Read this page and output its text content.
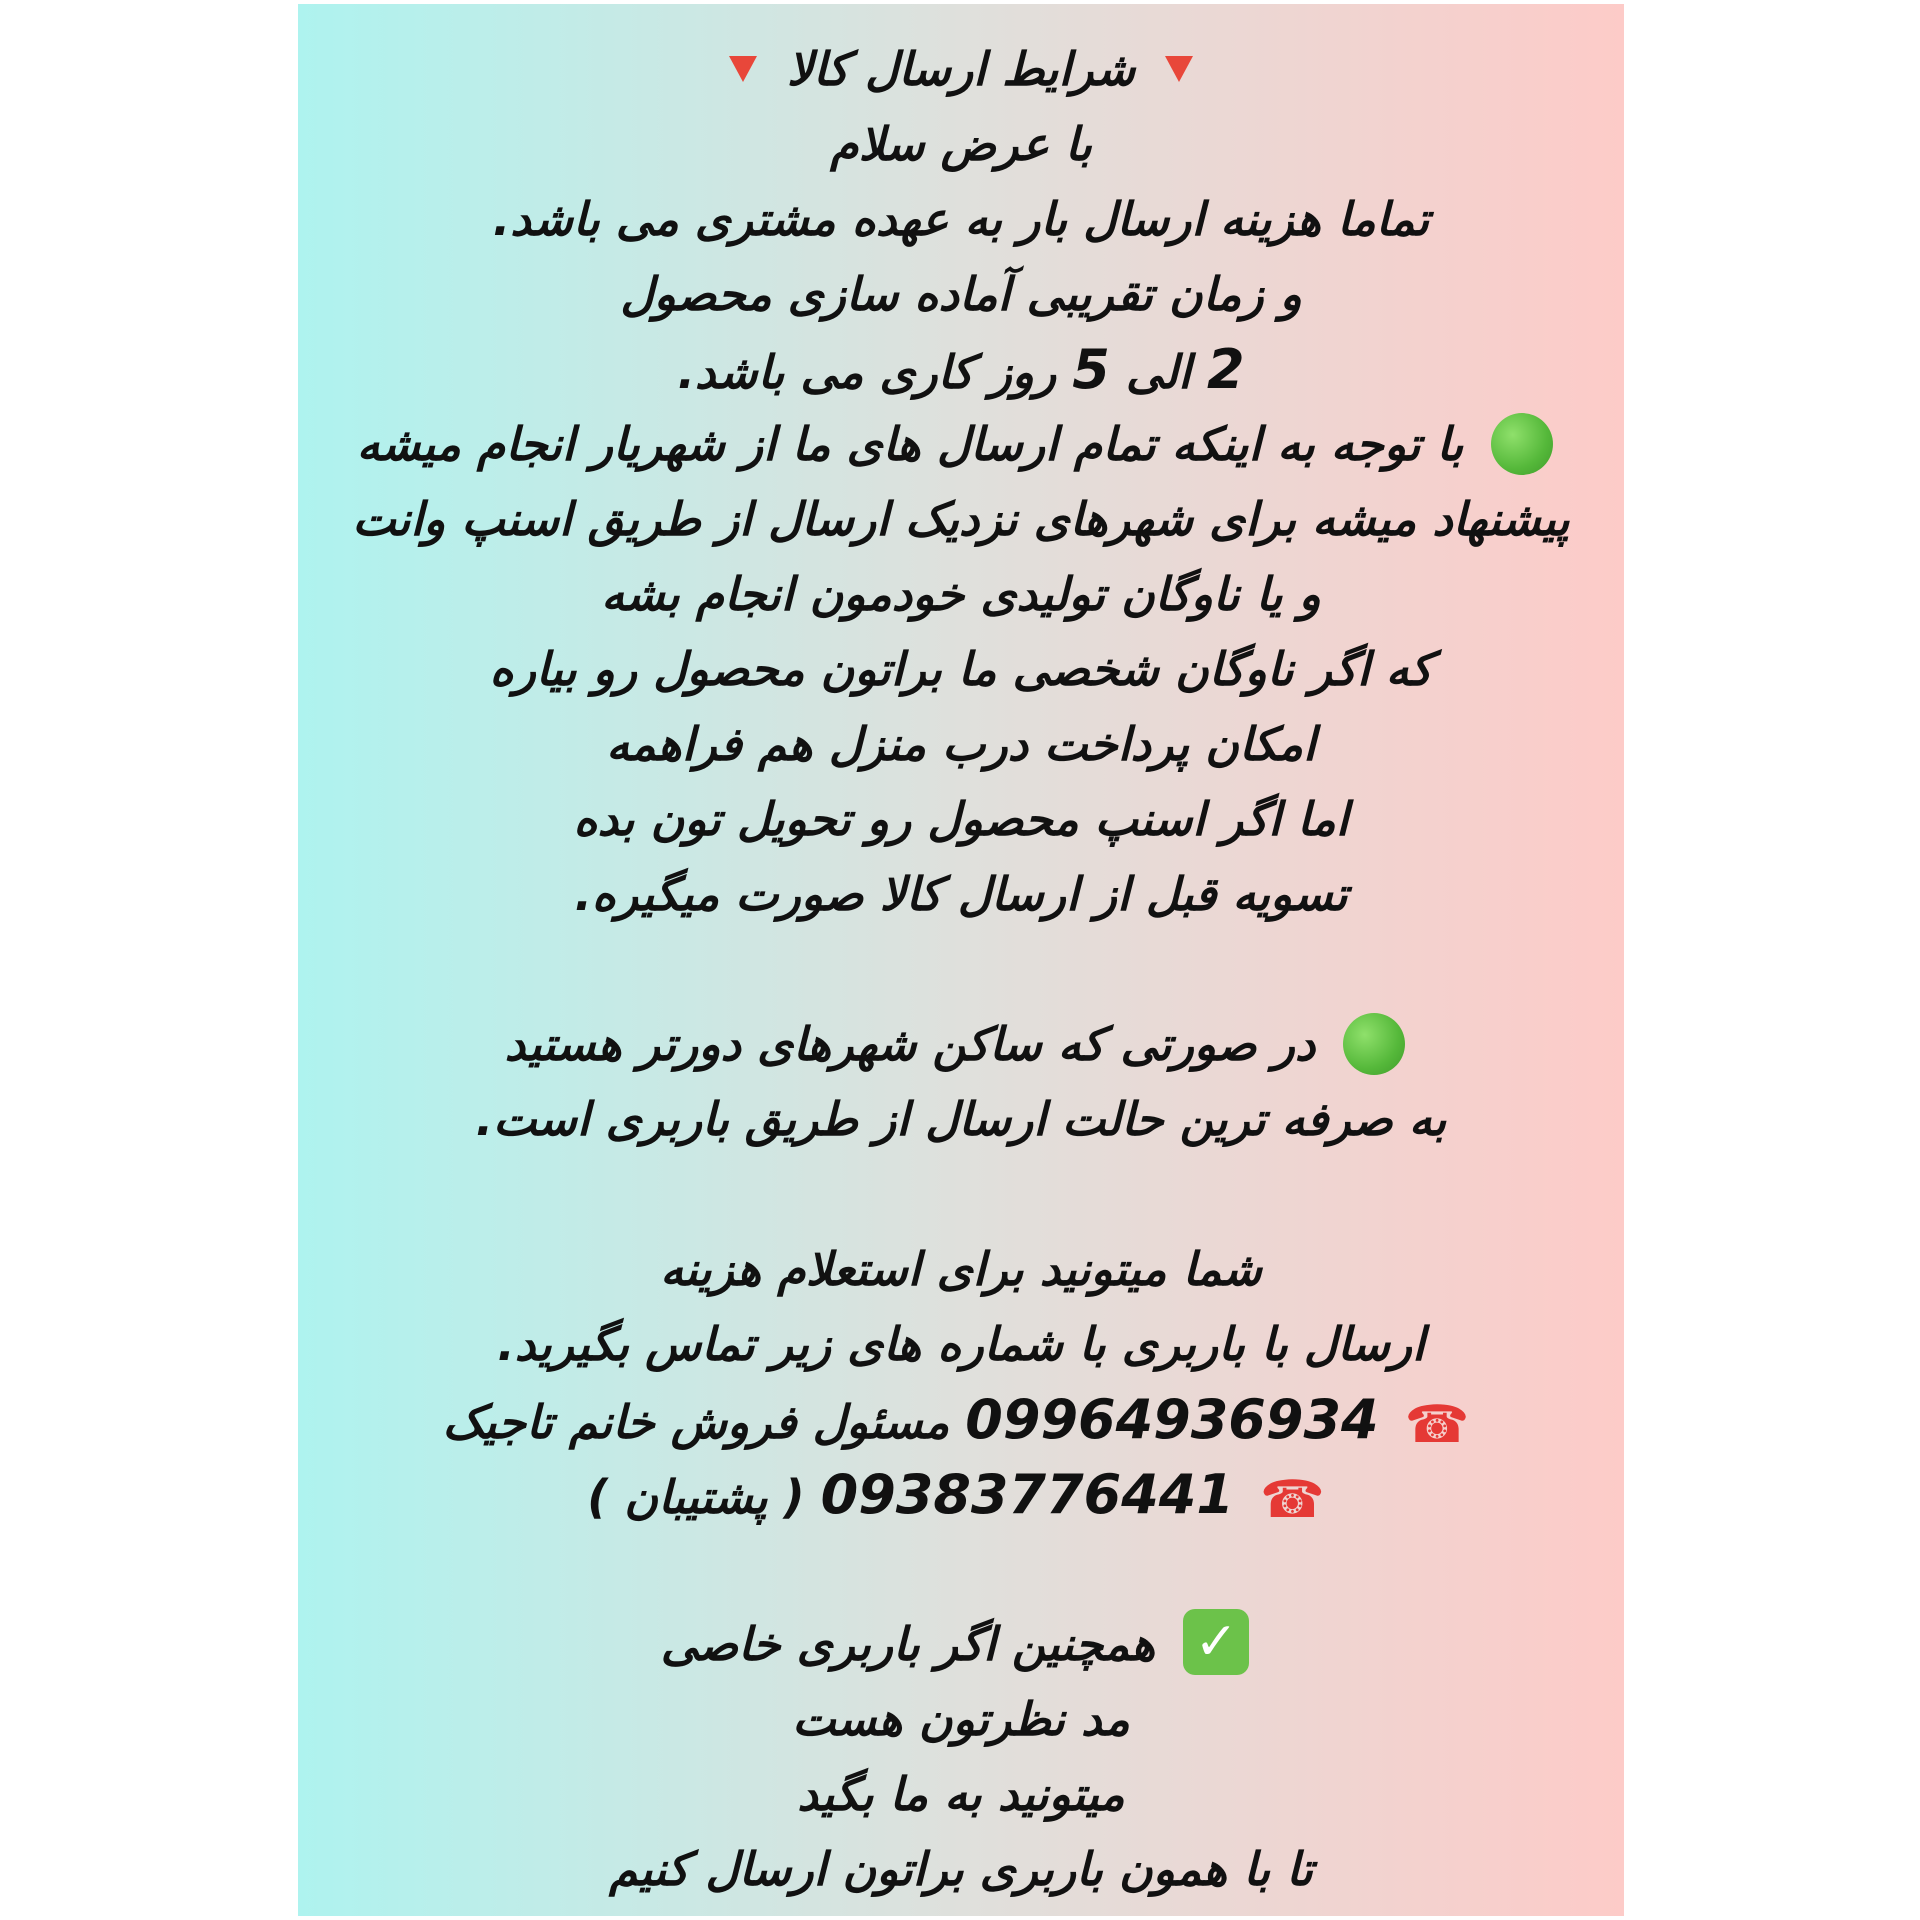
شرایط ارسال کالا
با عرض سلام
تماما هزینه ارسال بار به عهده مشتری می باشد.
و زمان تقریبی آماده سازی محصول
2 الی 5 روز کاری می باشد.
با توجه به اینکه تمام ارسال های ما از شهریار انجام میشه
پیشنهاد میشه برای شهرهای نزدیک ارسال از طریق اسنپ وانت
و یا ناوگان تولیدی خودمون انجام بشه
که اگر ناوگان شخصی ما براتون محصول رو بیاره
امکان پرداخت درب منزل هم فراهمه
اما اگر اسنپ محصول رو تحویل تون بده
تسویه قبل از ارسال کالا صورت میگیره.
در صورتی که ساکن شهرهای دورتر هستید
به صرفه ترین حالت ارسال از طریق باربری است.
شما میتونید برای استعلام هزینه
ارسال با باربری با شماره های زیر تماس بگیرید.
☎ 09964936934 مسئول فروش خانم تاجیک
☎ 09383776441 ( پشتیبان )
✓ همچنین اگر باربری خاصی
مد نظرتون هست
میتونید به ما بگید
تا با همون باربری براتون ارسال کنیم
